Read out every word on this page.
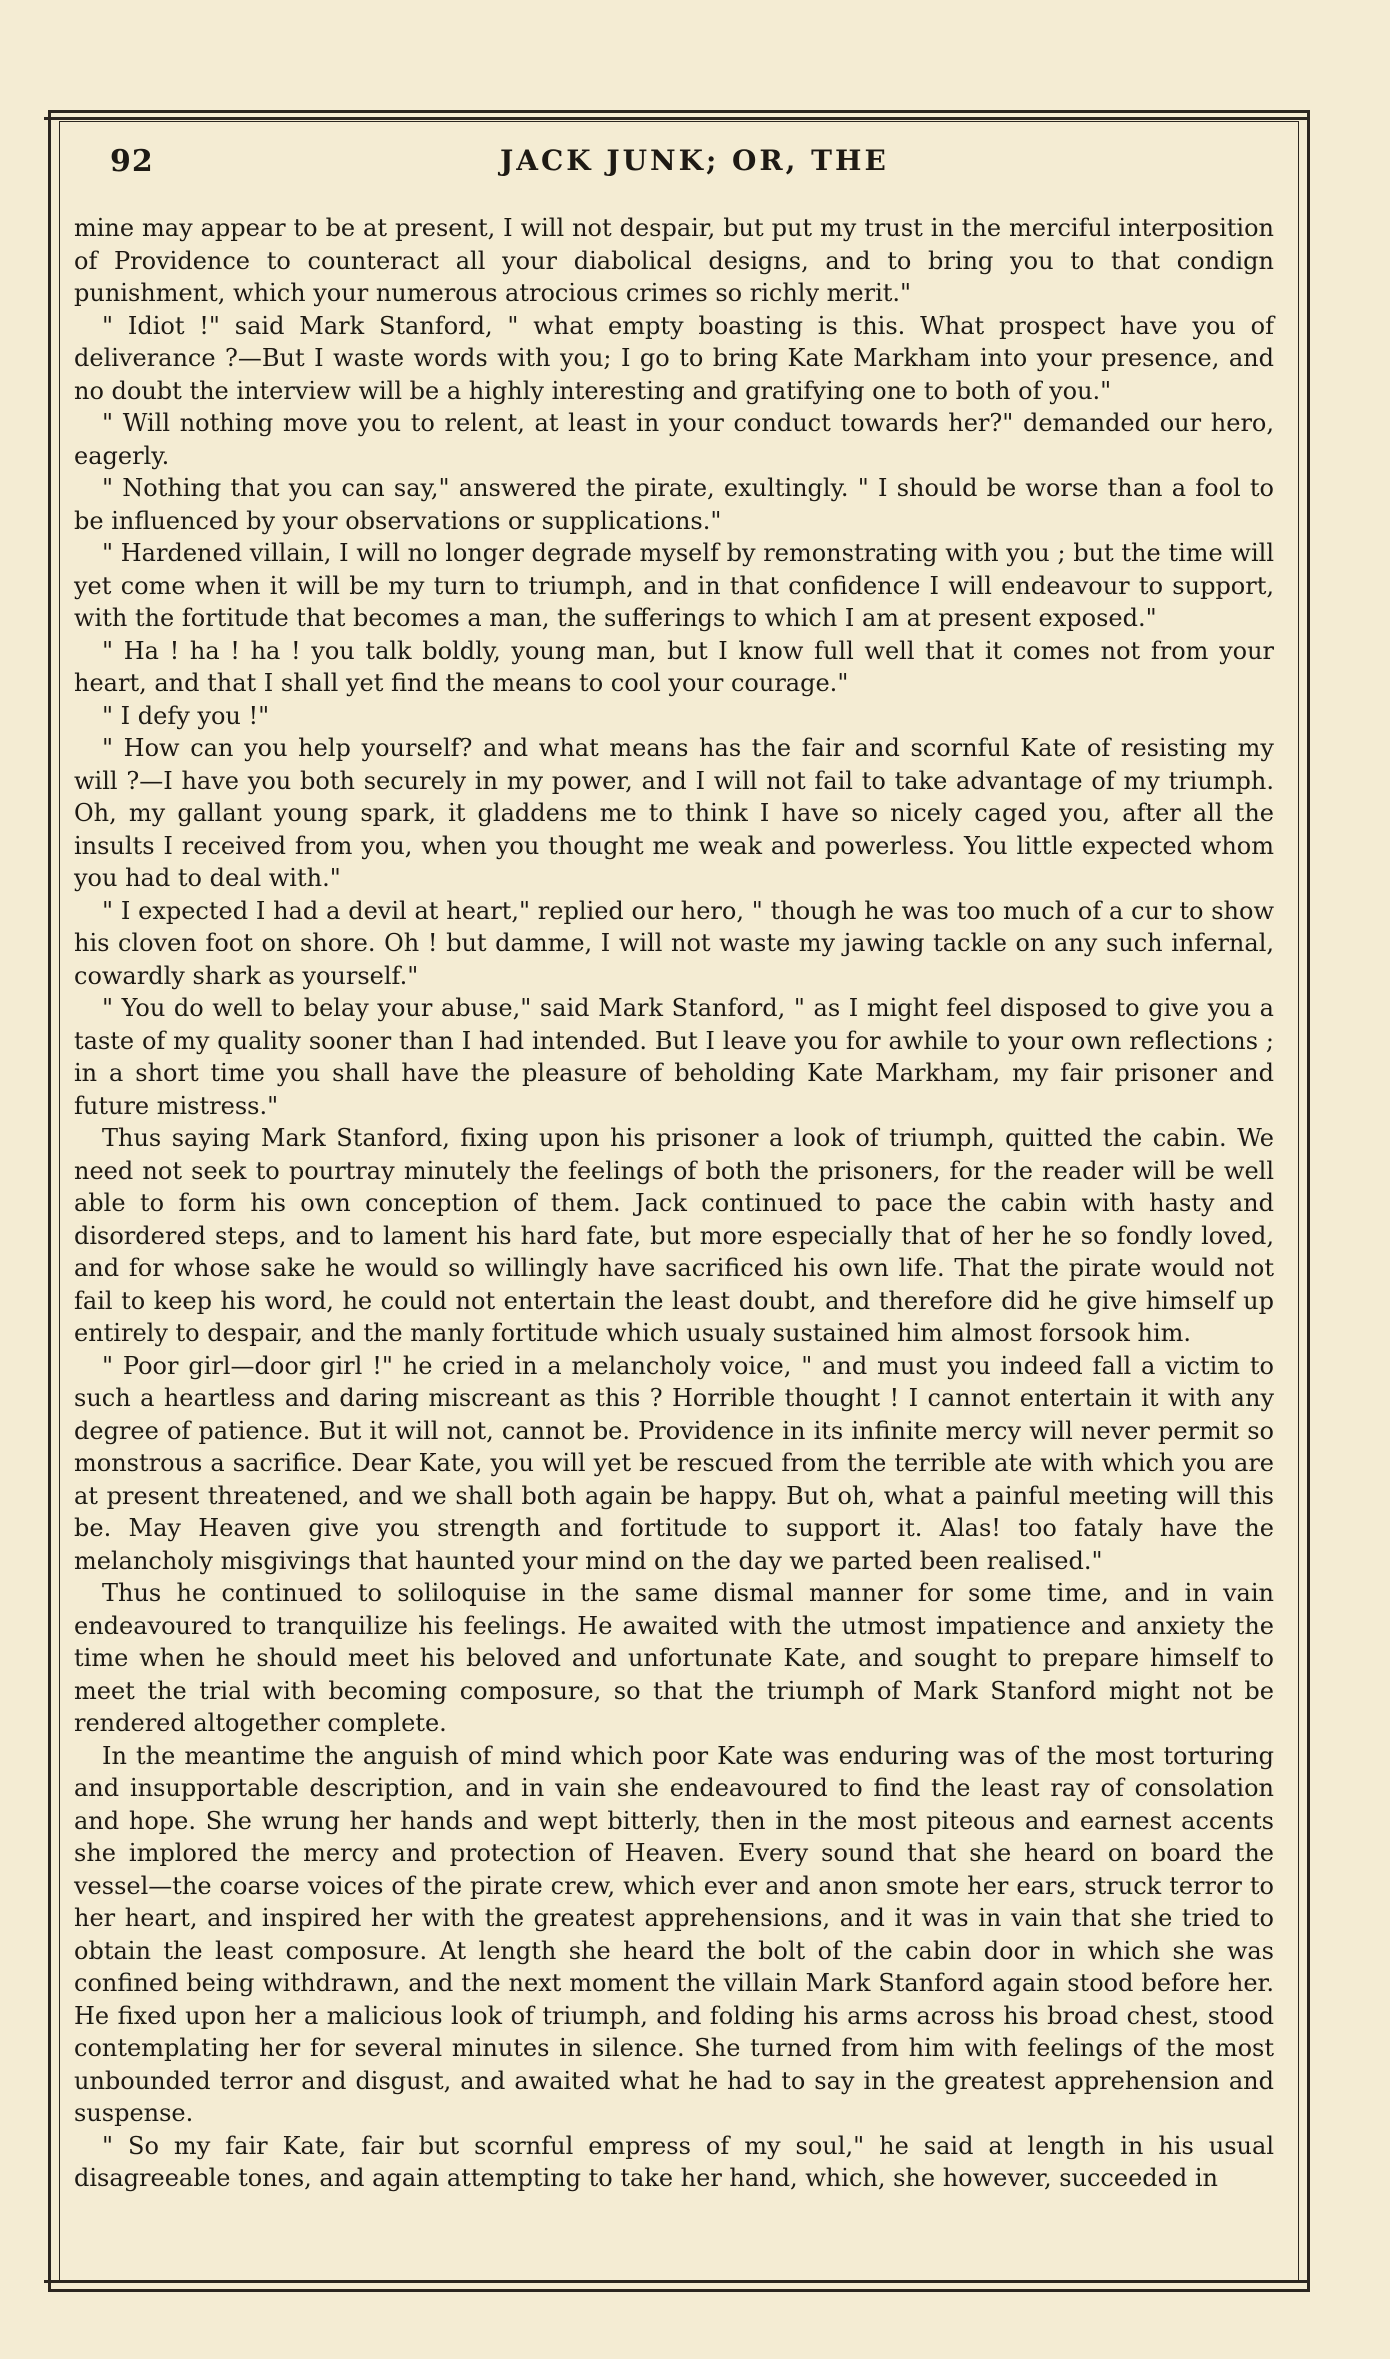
92	JACK JUNK; OR, THE

mine may appear to be at present, I will not despair, but put my trust in the merciful interposition of Providence to counteract all your diabolical designs, and to bring you to that condign punishment, which your numerous atrocious crimes so richly merit."

" Idiot !" said Mark Stanford, " what empty boasting is this. What prospect have you of deliverance ?—But I waste words with you; I go to bring Kate Markham into your presence, and no doubt the interview will be a highly interesting and gratifying one to both of you."

" Will nothing move you to relent, at least in your conduct towards her?" demanded our hero, eagerly.

" Nothing that you can say," answered the pirate, exultingly. " I should be worse than a fool to be influenced by your observations or supplications."

" Hardened villain, I will no longer degrade myself by remonstrating with you ; but the time will yet come when it will be my turn to triumph, and in that confidence I will endeavour to support, with the fortitude that becomes a man, the sufferings to which I am at present exposed."

" Ha ! ha ! ha ! you talk boldly, young man, but I know full well that it comes not from your heart, and that I shall yet find the means to cool your courage."

" I defy you !"

" How can you help yourself? and what means has the fair and scornful Kate of resisting my will ?—I have you both securely in my power, and I will not fail to take advantage of my triumph. Oh, my gallant young spark, it gladdens me to think I have so nicely caged you, after all the insults I received from you, when you thought me weak and powerless. You little expected whom you had to deal with."

" I expected I had a devil at heart," replied our hero, " though he was too much of a cur to show his cloven foot on shore. Oh ! but damme, I will not waste my jawing tackle on any such infernal, cowardly shark as yourself."

" You do well to belay your abuse," said Mark Stanford, " as I might feel disposed to give you a taste of my quality sooner than I had intended. But I leave you for awhile to your own reflections ; in a short time you shall have the pleasure of beholding Kate Markham, my fair prisoner and future mistress."

Thus saying Mark Stanford, fixing upon his prisoner a look of triumph, quitted the cabin. We need not seek to pourtray minutely the feelings of both the prisoners, for the reader will be well able to form his own conception of them. Jack continued to pace the cabin with hasty and disordered steps, and to lament his hard fate, but more especially that of her he so fondly loved, and for whose sake he would so willingly have sacrificed his own life. That the pirate would not fail to keep his word, he could not entertain the least doubt, and therefore did he give himself up entirely to despair, and the manly fortitude which usualy sustained him almost forsook him.

" Poor girl—door girl !" he cried in a melancholy voice, " and must you indeed fall a victim to such a heartless and daring miscreant as this ? Horrible thought ! I cannot entertain it with any degree of patience. But it will not, cannot be. Providence in its infinite mercy will never permit so monstrous a sacrifice. Dear Kate, you will yet be rescued from the terrible ate with which you are at present threatened, and we shall both again be happy. But oh, what a painful meeting will this be. May Heaven give you strength and fortitude to support it. Alas! too fataly have the melancholy misgivings that haunted your mind on the day we parted been realised."

Thus he continued to soliloquise in the same dismal manner for some time, and in vain endeavoured to tranquilize his feelings. He awaited with the utmost impatience and anxiety the time when he should meet his beloved and unfortunate Kate, and sought to prepare himself to meet the trial with becoming composure, so that the triumph of Mark Stanford might not be rendered altogether complete.

In the meantime the anguish of mind which poor Kate was enduring was of the most torturing and insupportable description, and in vain she endeavoured to find the least ray of consolation and hope. She wrung her hands and wept bitterly, then in the most piteous and earnest accents she implored the mercy and protection of Heaven. Every sound that she heard on board the vessel—the coarse voices of the pirate crew, which ever and anon smote her ears, struck terror to her heart, and inspired her with the greatest apprehensions, and it was in vain that she tried to obtain the least composure. At length she heard the bolt of the cabin door in which she was confined being withdrawn, and the next moment the villain Mark Stanford again stood before her. He fixed upon her a malicious look of triumph, and folding his arms across his broad chest, stood contemplating her for several minutes in silence. She turned from him with feelings of the most unbounded terror and disgust, and awaited what he had to say in the greatest apprehension and suspense.

" So my fair Kate, fair but scornful empress of my soul," he said at length in his usual disagreeable tones, and again attempting to take her hand, which, she however, succeeded in
